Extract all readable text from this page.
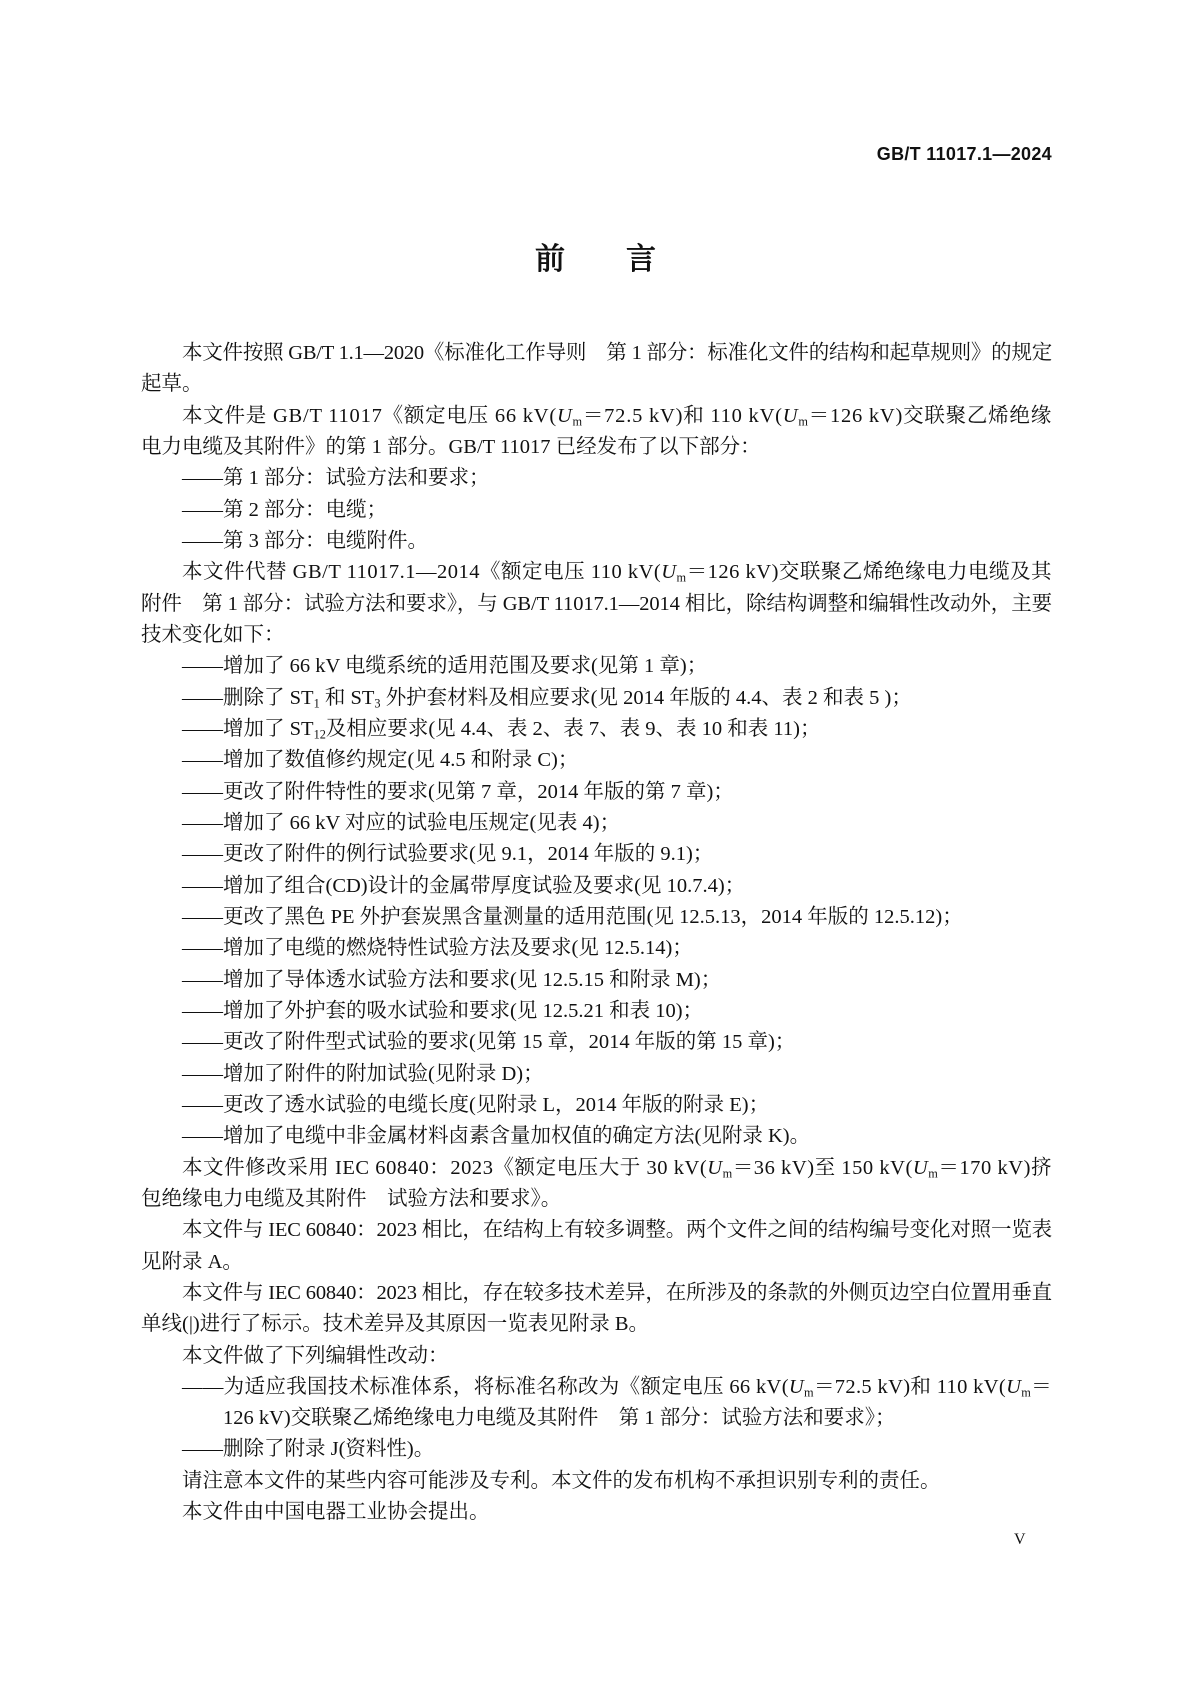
GB/T 11017.1—2024
前言
本文件按照 GB/T 1.1—2020《标准化工作导则　第 1 部分：标准化文件的结构和起草规则》的规定
起草。
本文件是 GB/T 11017《额定电压 66 $kV(U_m=72.5$ kV)和 110 $kV(U_m=126$ kV)交联聚乙烯绝缘
电力电缆及其附件》的第 1 部分。GB/T 11017 已经发布了以下部分：
——第 1 部分：试验方法和要求；
——第 2 部分：电缆；
——第 3 部分：电缆附件。
本文件代替 GB/T 11017.1—2014《额定电压 110 $kV(U_m=126$ kV)交联聚乙烯绝缘电力电缆及其
附件　第 1 部分：试验方法和要求》，与 GB/T 11017.1—2014 相比，除结构调整和编辑性改动外，主要
技术变化如下：
——增加了 66 kV 电缆系统的适用范围及要求(见第 1 章)；
——删除了 $ST_1$ 和 $ST_3$ 外护套材料及相应要求(见 2014 年版的 4.4、表 2 和表 5 )；
——增加了 $ST_{12}$及相应要求(见 4.4、表 2、表 7、表 9、表 10 和表 11)；
——增加了数值修约规定(见 4.5 和附录 C)；
——更改了附件特性的要求(见第 7 章，2014 年版的第 7 章)；
——增加了 66 kV 对应的试验电压规定(见表 4)；
——更改了附件的例行试验要求(见 9.1，2014 年版的 9.1)；
——增加了组合(CD)设计的金属带厚度试验及要求(见 10.7.4)；
——更改了黑色 PE 外护套炭黑含量测量的适用范围(见 12.5.13，2014 年版的 12.5.12)；
——增加了电缆的燃烧特性试验方法及要求(见 12.5.14)；
——增加了导体透水试验方法和要求(见 12.5.15 和附录 M)；
——增加了外护套的吸水试验和要求(见 12.5.21 和表 10)；
——更改了附件型式试验的要求(见第 15 章，2014 年版的第 15 章)；
——增加了附件的附加试验(见附录 D)；
——更改了透水试验的电缆长度(见附录 L，2014 年版的附录 E)；
——增加了电缆中非金属材料卤素含量加权值的确定方法(见附录 K)。
本文件修改采用 IEC 60840：2023《额定电压大于 30 $kV(U_m=36$ kV)至 150 $kV(U_m=170$ kV)挤
包绝缘电力电缆及其附件　试验方法和要求》。
本文件与 IEC 60840：2023 相比，在结构上有较多调整。两个文件之间的结构编号变化对照一览表
见附录 A。
本文件与 IEC 60840：2023 相比，存在较多技术差异，在所涉及的条款的外侧页边空白位置用垂直
单线(|)进行了标示。技术差异及其原因一览表见附录 B。
本文件做了下列编辑性改动：
——为适应我国技术标准体系，将标准名称改为《额定电压 66 $kV(U_m=72.5$ kV)和 110 $kV(U_m=$
126 kV)交联聚乙烯绝缘电力电缆及其附件　第 1 部分：试验方法和要求》；
——删除了附录 J(资料性)。
请注意本文件的某些内容可能涉及专利。本文件的发布机构不承担识别专利的责任。
本文件由中国电器工业协会提出。
V
